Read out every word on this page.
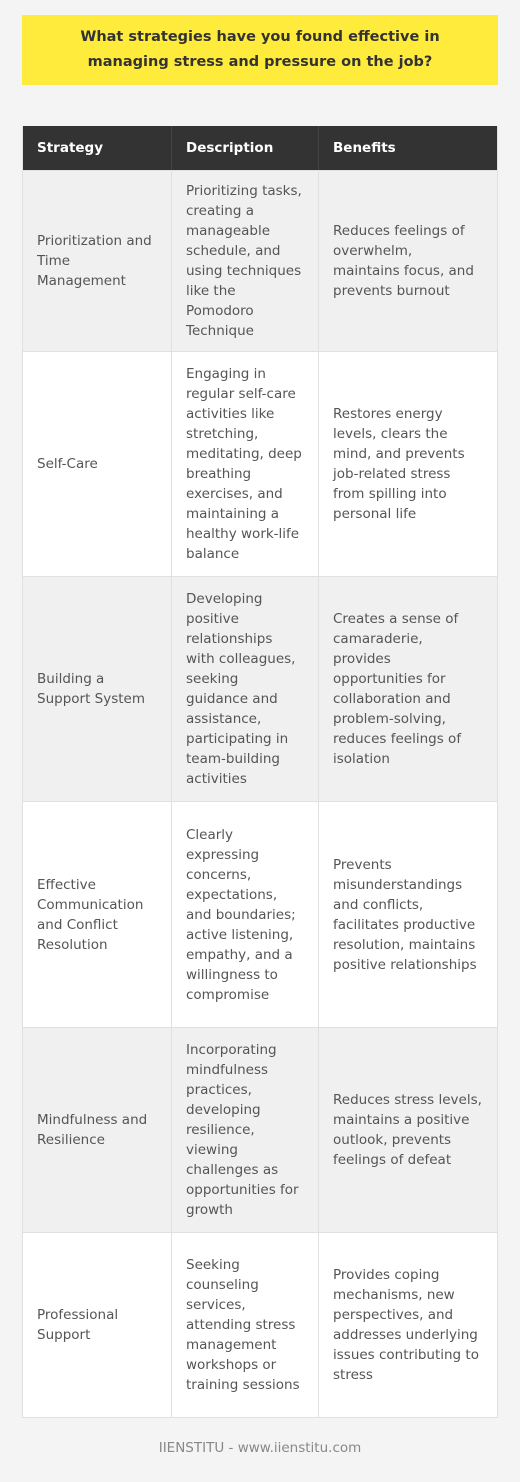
What strategies have you found effective in managing stress and pressure on the job?
Strategy	Description	Benefits
Prioritization and Time Management
Prioritizing tasks, creating a manageable schedule, and using techniques like the Pomodoro Technique
Reduces feelings of overwhelm, maintains focus, and prevents burnout
Self-Care
Engaging in regular self-care activities like stretching, meditating, deep breathing exercises, and maintaining a healthy work-life balance
Restores energy levels, clears the mind, and prevents job-related stress from spilling into personal life
Building a Support System
Developing positive relationships with colleagues, seeking guidance and assistance, participating in team-building activities
Creates a sense of camaraderie, provides opportunities for collaboration and problem-solving, reduces feelings of isolation
Effective Communication and Conflict Resolution
Clearly expressing concerns, expectations, and boundaries; active listening, empathy, and a willingness to compromise
Prevents misunderstandings and conflicts, facilitates productive resolution, maintains positive relationships
Mindfulness and Resilience
Incorporating mindfulness practices, developing resilience, viewing challenges as opportunities for growth
Reduces stress levels, maintains a positive outlook, prevents feelings of defeat
Professional Support
Seeking counseling services, attending stress management workshops or training sessions
Provides coping mechanisms, new perspectives, and addresses underlying issues contributing to stress
IIENSTITU - www.iienstitu.com
